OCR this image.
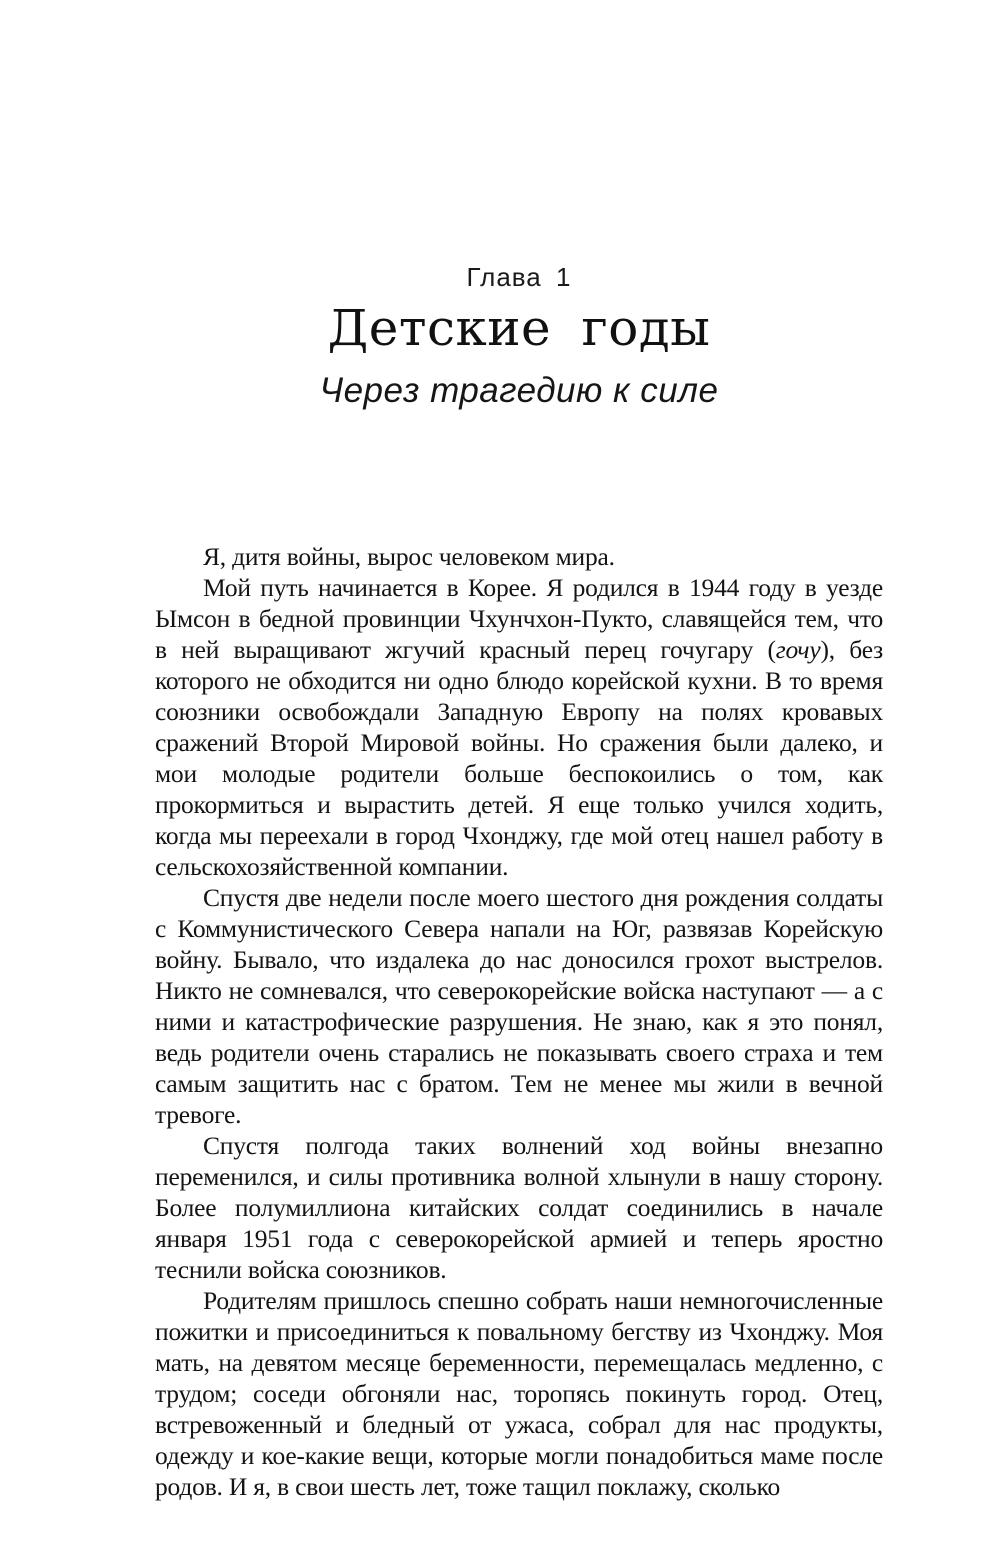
Глава 1
Детские годы
Через трагедию к силе

Я, дитя войны, вырос человеком мира.

Мой путь начинается в Корее. Я родился в 1944 году в уезде Ымсон в бедной провинции Чхунчхон-Пукто, славящейся тем, что в ней выращивают жгучий красный перец гочугару (гочу), без которого не обходится ни одно блюдо корейской кухни. В то время союзники освобождали Западную Европу на полях кровавых сражений Второй Мировой войны. Но сражения были далеко, и мои молодые родители больше беспокоились о том, как прокормиться и вырастить детей. Я еще только учился ходить, когда мы переехали в город Чхонджу, где мой отец нашел работу в сельскохозяйственной компании.

Спустя две недели после моего шестого дня рождения солдаты с Коммунистического Севера напали на Юг, развязав Корейскую войну. Бывало, что издалека до нас доносился грохот выстрелов. Никто не сомневался, что северокорейские войска наступают — а с ними и катастрофические разрушения. Не знаю, как я это понял, ведь родители очень старались не показывать своего страха и тем самым защитить нас с братом. Тем не менее мы жили в вечной тревоге.

Спустя полгода таких волнений ход войны внезапно переменился, и силы противника волной хлынули в нашу сторону. Более полумиллиона китайских солдат соединились в начале января 1951 года с северокорейской армией и теперь яростно теснили войска союзников.

Родителям пришлось спешно собрать наши немногочисленные пожитки и присоединиться к повальному бегству из Чхонджу. Моя мать, на девятом месяце беременности, перемещалась медленно, с трудом; соседи обгоняли нас, торопясь покинуть город. Отец, встревоженный и бледный от ужаса, собрал для нас продукты, одежду и кое-какие вещи, которые могли понадобиться маме после родов. И я, в свои шесть лет, тоже тащил поклажу, сколько
